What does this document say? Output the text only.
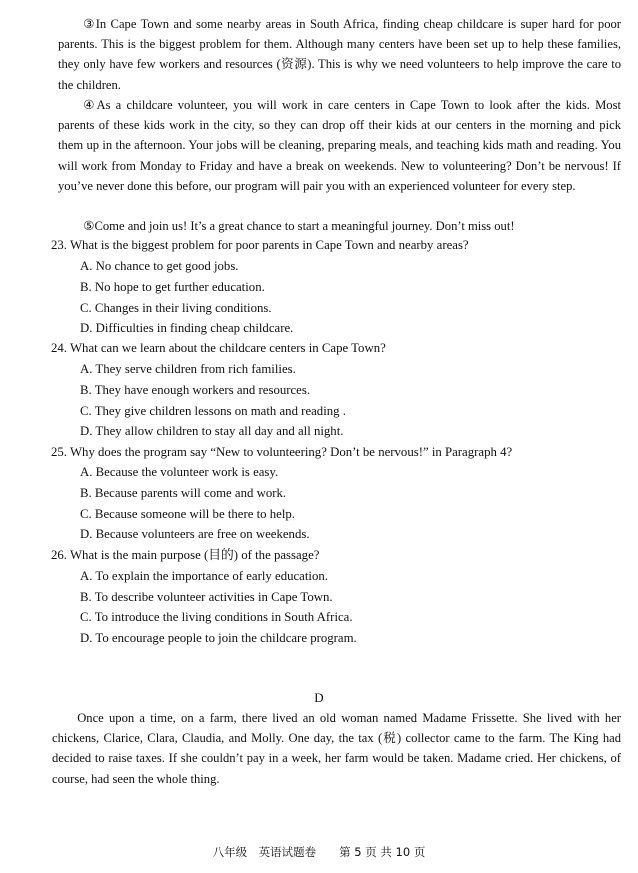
③In Cape Town and some nearby areas in South Africa, finding cheap childcare is super hard for poor parents. This is the biggest problem for them. Although many centers have been set up to help these families, they only have few workers and resources (资源). This is why we need volunteers to help improve the care to the children.

④As a childcare volunteer, you will work in care centers in Cape Town to look after the kids. Most parents of these kids work in the city, so they can drop off their kids at our centers in the morning and pick them up in the afternoon. Your jobs will be cleaning, preparing meals, and teaching kids math and reading. You will work from Monday to Friday and have a break on weekends. New to volunteering? Don’t be nervous! If you’ve never done this before, our program will pair you with an experienced volunteer for every step.

⑤Come and join us! It’s a great chance to start a meaningful journey. Don’t miss out!

23. What is the biggest problem for poor parents in Cape Town and nearby areas?

A. No chance to get good jobs.

B. No hope to get further education.

C. Changes in their living conditions.

D. Difficulties in finding cheap childcare.

24. What can we learn about the childcare centers in Cape Town?

A. They serve children from rich families.

B. They have enough workers and resources.

C. They give children lessons on math and reading .

D. They allow children to stay all day and all night.

25. Why does the program say “New to volunteering? Don’t be nervous!” in Paragraph 4?

A. Because the volunteer work is easy.

B. Because parents will come and work.

C. Because someone will be there to help.

D. Because volunteers are free on weekends.

26. What is the main purpose (目的) of the passage?

A. To explain the importance of early education.

B. To describe volunteer activities in Cape Town.

C. To introduce the living conditions in South Africa.

D. To encourage people to join the childcare program.

D

Once upon a time, on a farm, there lived an old woman named Madame Frissette. She lived with her chickens, Clarice, Clara, Claudia, and Molly. One day, the tax (税) collector came to the farm. The King had decided to raise taxes. If she couldn’t pay in a week, her farm would be taken. Madame cried. Her chickens, of course, had seen the whole thing.

八年级　英语试题卷　　第 5 页 共 10 页
